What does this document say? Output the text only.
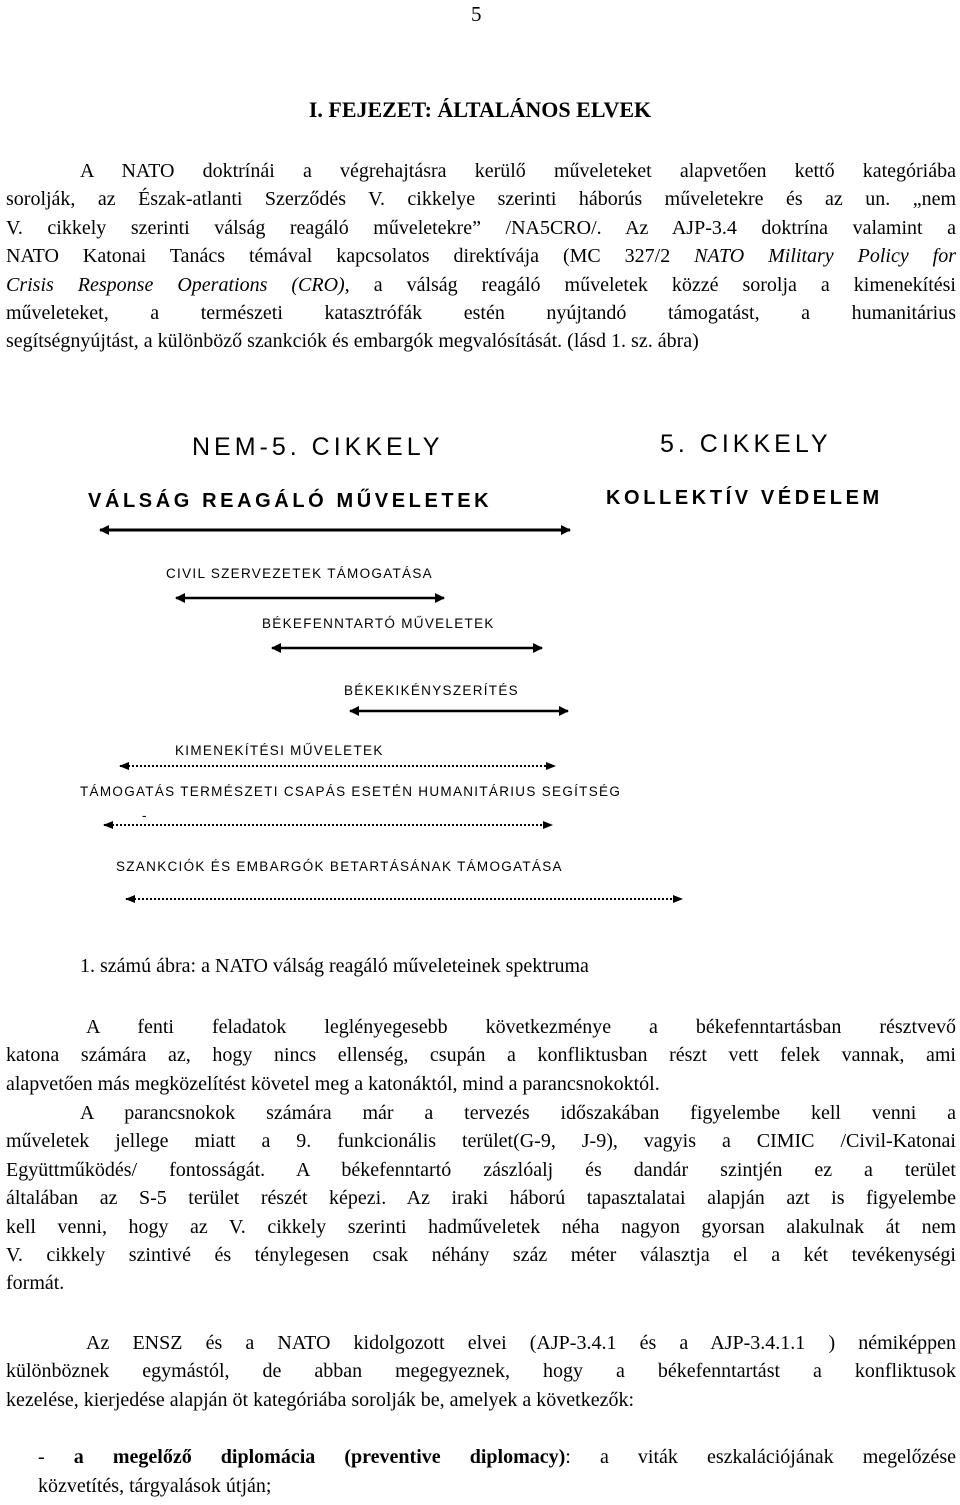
5
I. FEJEZET: ÁLTALÁNOS ELVEK
A NATO doktrínái a végrehajtásra kerülő műveleteket alapvetően kettő kategóriába
sorolják, az Észak-atlanti Szerződés V. cikkelye szerinti háborús műveletekre és az un. „nem
V. cikkely szerinti válság reagáló műveletekre” /NA5CRO/. Az AJP-3.4 doktrína valamint a
NATO Katonai Tanács témával kapcsolatos direktívája (MC 327/2 NATO Military Policy for
Crisis Response Operations (CRO), a válság reagáló műveletek közzé sorolja a kimenekítési
műveleteket, a természeti katasztrófák estén nyújtandó támogatást, a humanitárius
segítségnyújtást, a különböző szankciók és embargók megvalósítását. (lásd 1. sz. ábra)
NEM-5. CIKKELY	5. CIKKELY
VÁLSÁG REAGÁLÓ MŰVELETEK	KOLLEKTÍV VÉDELEM
CIVIL SZERVEZETEK TÁMOGATÁSA
BÉKEFENNTARTÓ MŰVELETEK
BÉKEKIKÉNYSZERÍTÉS
KIMENEKÍTÉSI MŰVELETEK
TÁMOGATÁS TERMÉSZETI CSAPÁS ESETÉN HUMANITÁRIUS SEGÍTSÉG
-
SZANKCIÓK ÉS EMBARGÓK BETARTÁSÁNAK TÁMOGATÁSA
1. számú ábra: a NATO válság reagáló műveleteinek spektruma
A fenti feladatok leglényegesebb következménye a békefenntartásban résztvevő
katona számára az, hogy nincs ellenség, csupán a konfliktusban részt vett felek vannak, ami
alapvetően más megközelítést követel meg a katonáktól, mind a parancsnokoktól.
A parancsnokok számára már a tervezés időszakában figyelembe kell venni a
műveletek jellege miatt a 9. funkcionális terület(G-9, J-9), vagyis a CIMIC /Civil-Katonai
Együttműködés/ fontosságát. A békefenntartó zászlóalj és dandár szintjén ez a terület
általában az S-5 terület részét képezi. Az iraki háború tapasztalatai alapján azt is figyelembe
kell venni, hogy az V. cikkely szerinti hadműveletek néha nagyon gyorsan alakulnak át nem
V. cikkely szintivé és ténylegesen csak néhány száz méter választja el a két tevékenységi
formát.
Az ENSZ és a NATO kidolgozott elvei (AJP-3.4.1 és a AJP-3.4.1.1 ) némiképpen
különböznek egymástól, de abban megegyeznek, hogy a békefenntartást a konfliktusok
kezelése, kierjedése alapján öt kategóriába sorolják be, amelyek a következők:
- a megelőző diplomácia (preventive diplomacy): a viták eszkalációjának megelőzése
közvetítés, tárgyalások útján;
